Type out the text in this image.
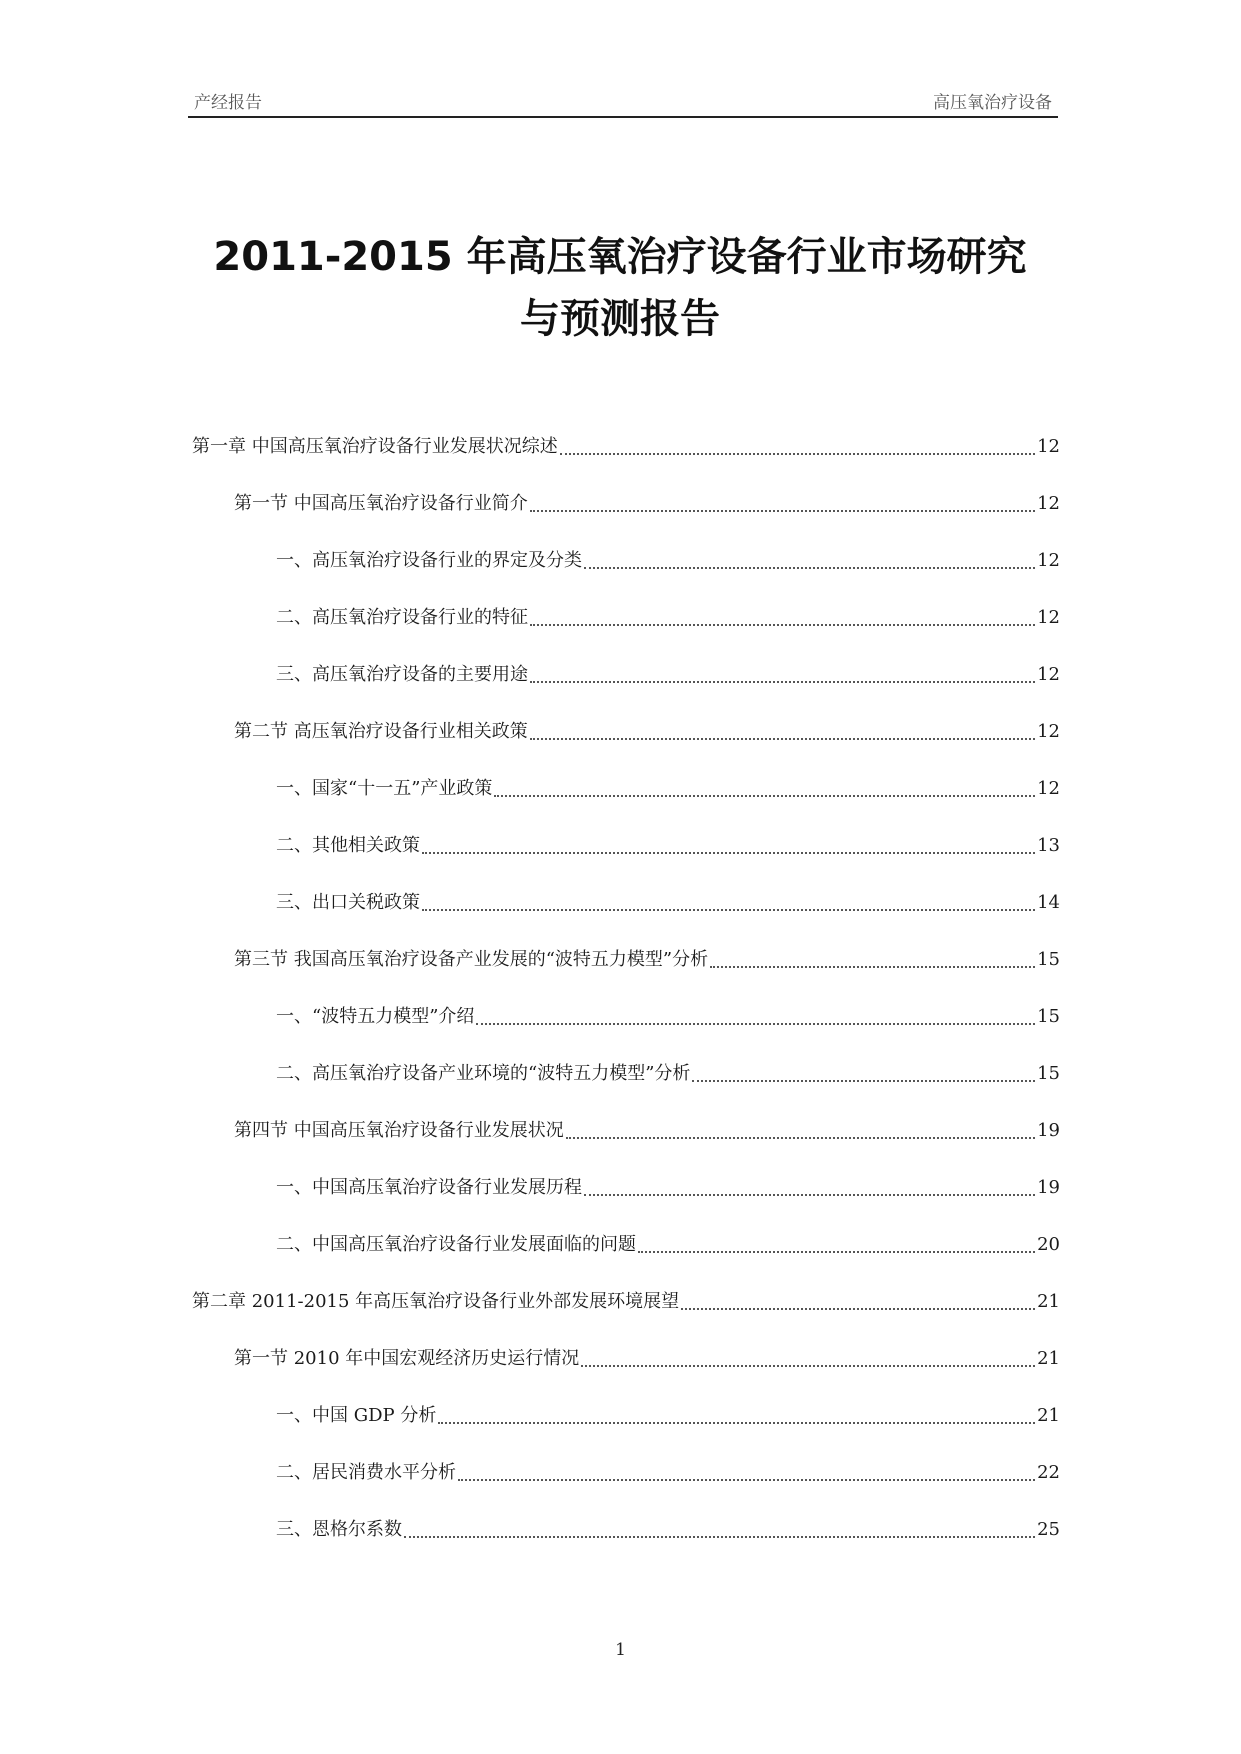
产经报告	高压氧治疗设备
2011-2015 年高压氧治疗设备行业市场研究
与预测报告
第一章 中国高压氧治疗设备行业发展状况综述	12
第一节 中国高压氧治疗设备行业简介	12
一、高压氧治疗设备行业的界定及分类	12
二、高压氧治疗设备行业的特征	12
三、高压氧治疗设备的主要用途	12
第二节 高压氧治疗设备行业相关政策	12
一、国家“十一五”产业政策	12
二、其他相关政策	13
三、出口关税政策	14
第三节 我国高压氧治疗设备产业发展的“波特五力模型”分析	15
一、“波特五力模型”介绍	15
二、高压氧治疗设备产业环境的“波特五力模型”分析	15
第四节 中国高压氧治疗设备行业发展状况	19
一、中国高压氧治疗设备行业发展历程	19
二、中国高压氧治疗设备行业发展面临的问题	20
第二章 2011-2015 年高压氧治疗设备行业外部发展环境展望	21
第一节 2010 年中国宏观经济历史运行情况	21
一、中国 GDP 分析	21
二、居民消费水平分析	22
三、恩格尔系数	25
1
